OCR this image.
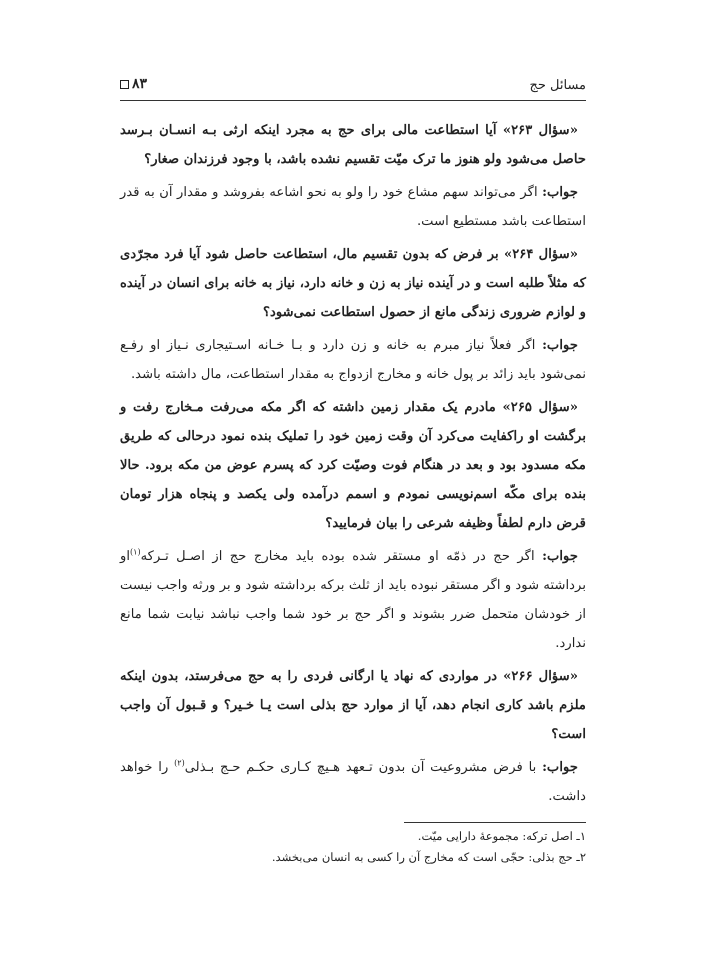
مسائل حج
۸۳

«سؤال ۲۶۳» آیا استطاعت مالی برای حج به مجرد اینکه ارثی بـه انسـان بـرسد حاصل می‌شود ولو هنوز ما ترک میّت تقسیم نشده باشد، با وجود فرزندان صغار؟

جواب: اگر می‌تواند سهم مشاع خود را ولو به نحو اشاعه بفروشد و مقدار آن به قدر استطاعت باشد مستطیع است.

«سؤال ۲۶۴» بر فرض که بدون تقسیم مال، استطاعت حاصل شود آیا فرد مجرّدی که مثلاً طلبه است و در آینده نیاز به زن و خانه دارد، نیاز به خانه برای انسان در آینده و لوازم ضروری زندگی مانع از حصول استطاعت نمی‌شود؟

جواب: اگر فعلاً نیاز مبرم به خانه و زن دارد و بـا خـانه اسـتیجاری نـیاز او رفـع نمی‌شود باید زائد بر پول خانه و مخارج ازدواج به مقدار استطاعت، مال داشته باشد.

«سؤال ۲۶۵» مادرم یک مقدار زمین داشته که اگر مکه می‌رفت مـخارج رفت و برگشت او راکفایت می‌کرد آن وقت زمین خود را تملیک بنده نمود درحالی که طریق مکه مسدود بود و بعد در هنگام فوت وصیّت کرد که پسرم عوض من مکه برود. حالا بنده برای مکّه اسم‌نویسی نمودم و اسمم درآمده ولی یکصد و پنجاه هزار تومان قرض دارم لطفاً وظیفه شرعی را بیان فرمایید؟

جواب: اگر حج در ذمّه او مستقر شده بوده باید مخارج حج از اصـل تـرکه$^{(۱)}$او برداشته شود و اگر مستقر نبوده باید از ثلث برکه برداشته شود و بر ورثه واجب نیست از خودشان متحمل ضرر بشوند و اگر حج بر خود شما واجب نباشد نیابت شما مانع ندارد.

«سؤال ۲۶۶» در مواردی که نهاد یا ارگانی فردی را به حج می‌فرستد، بدون اینکه ملزم باشد کاری انجام دهد، آیا از موارد حج بذلی است یـا خـیر؟ و قـبول آن واجب است؟

جواب: با فرض مشروعیت آن بدون تـعهد هـیچ کـاری حکـم حـج بـذلی$^{(۲)}$ را خواهد داشت.

۱ـ اصل ترکه: مجموعهٔ دارایی میّت.
۲ـ حج بذلی: حجّی است که مخارج آن را کسی به انسان می‌بخشد.
